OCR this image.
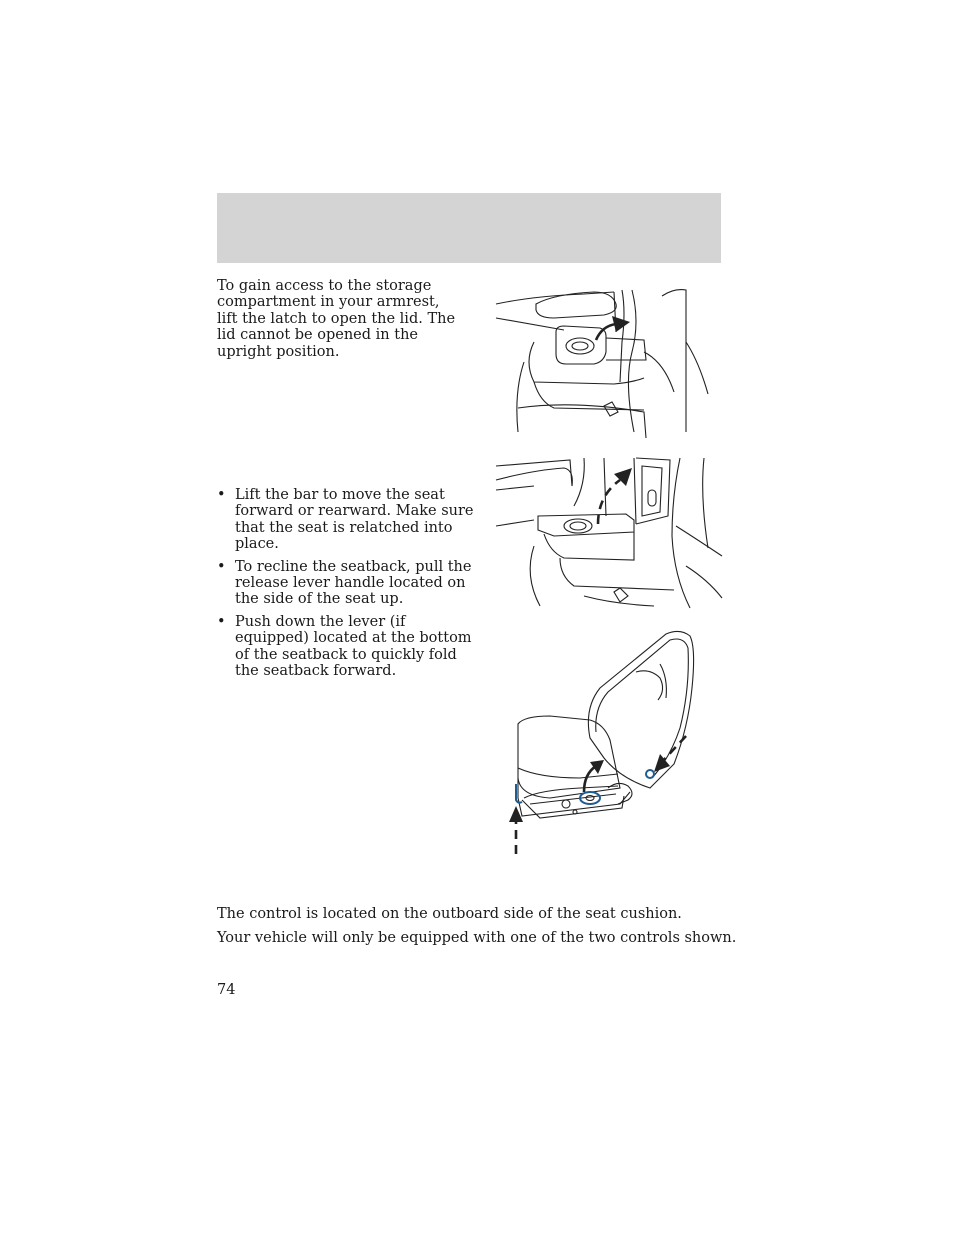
To gain access to the storage compartment in your armrest, lift the latch to open the lid. The lid cannot be opened in the upright position.
• Lift the bar to move the seat forward or rearward. Make sure that the seat is relatched into place.
• To recline the seatback, pull the release lever handle located on the side of the seat up.
• Push down the lever (if equipped) located at the bottom of the seatback to quickly fold the seatback forward.
The control is located on the outboard side of the seat cushion.
Your vehicle will only be equipped with one of the two controls shown.
74
